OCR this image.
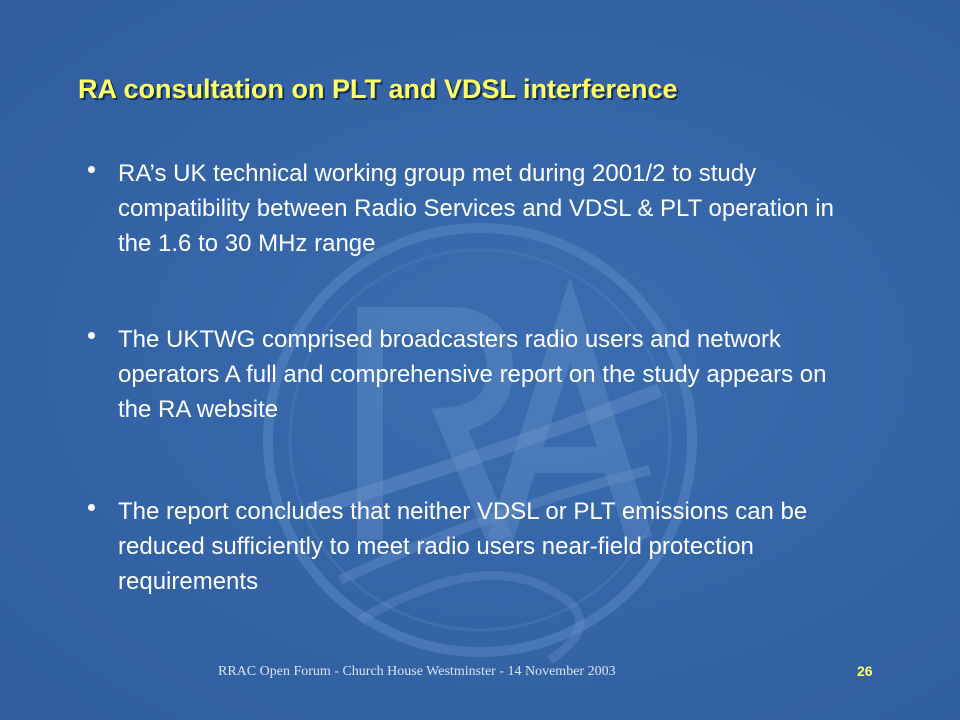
RA consultation on PLT and VDSL interference
RA’s UK technical working group met during 2001/2 to study compatibility between Radio Services and VDSL & PLT operation in the 1.6 to 30 MHz range
The UKTWG comprised broadcasters radio users and network operators A full and comprehensive report on the study appears on the RA website
The report concludes that neither VDSL or PLT emissions can be reduced sufficiently to meet radio users near-field protection requirements
RRAC Open Forum - Church House Westminster - 14 November 2003	26
